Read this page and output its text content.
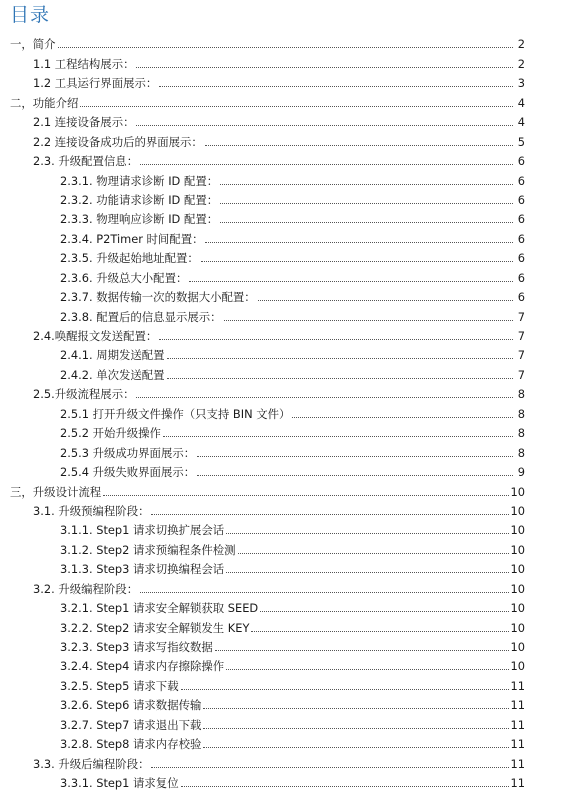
目录
一，简介	2
1.1 工程结构展示：	2
1.2 工具运行界面展示：	3
二，功能介绍	4
2.1 连接设备展示：	4
2.2 连接设备成功后的界面展示：	5
2.3. 升级配置信息：	6
2.3.1. 物理请求诊断 ID 配置：	6
2.3.2. 功能请求诊断 ID 配置：	6
2.3.3. 物理响应诊断 ID 配置：	6
2.3.4. P2Timer 时间配置：	6
2.3.5. 升级起始地址配置：	6
2.3.6. 升级总大小配置：	6
2.3.7. 数据传输一次的数据大小配置：	6
2.3.8. 配置后的信息显示展示：	7
2.4.唤醒报文发送配置：	7
2.4.1. 周期发送配置	7
2.4.2. 单次发送配置	7
2.5.升级流程展示：	8
2.5.1 打开升级文件操作（只支持 BIN 文件）	8
2.5.2 开始升级操作	8
2.5.3 升级成功界面展示：	8
2.5.4 升级失败界面展示：	9
三，升级设计流程	10
3.1. 升级预编程阶段：	10
3.1.1. Step1 请求切换扩展会话	10
3.1.2. Step2 请求预编程条件检测	10
3.1.3. Step3 请求切换编程会话	10
3.2. 升级编程阶段：	10
3.2.1. Step1 请求安全解锁获取 SEED	10
3.2.2. Step2 请求安全解锁发生 KEY	10
3.2.3. Step3 请求写指纹数据	10
3.2.4. Step4 请求内存擦除操作	10
3.2.5. Step5 请求下载	11
3.2.6. Step6 请求数据传输	11
3.2.7. Step7 请求退出下载	11
3.2.8. Step8 请求内存校验	11
3.3. 升级后编程阶段：	11
3.3.1. Step1 请求复位	11
